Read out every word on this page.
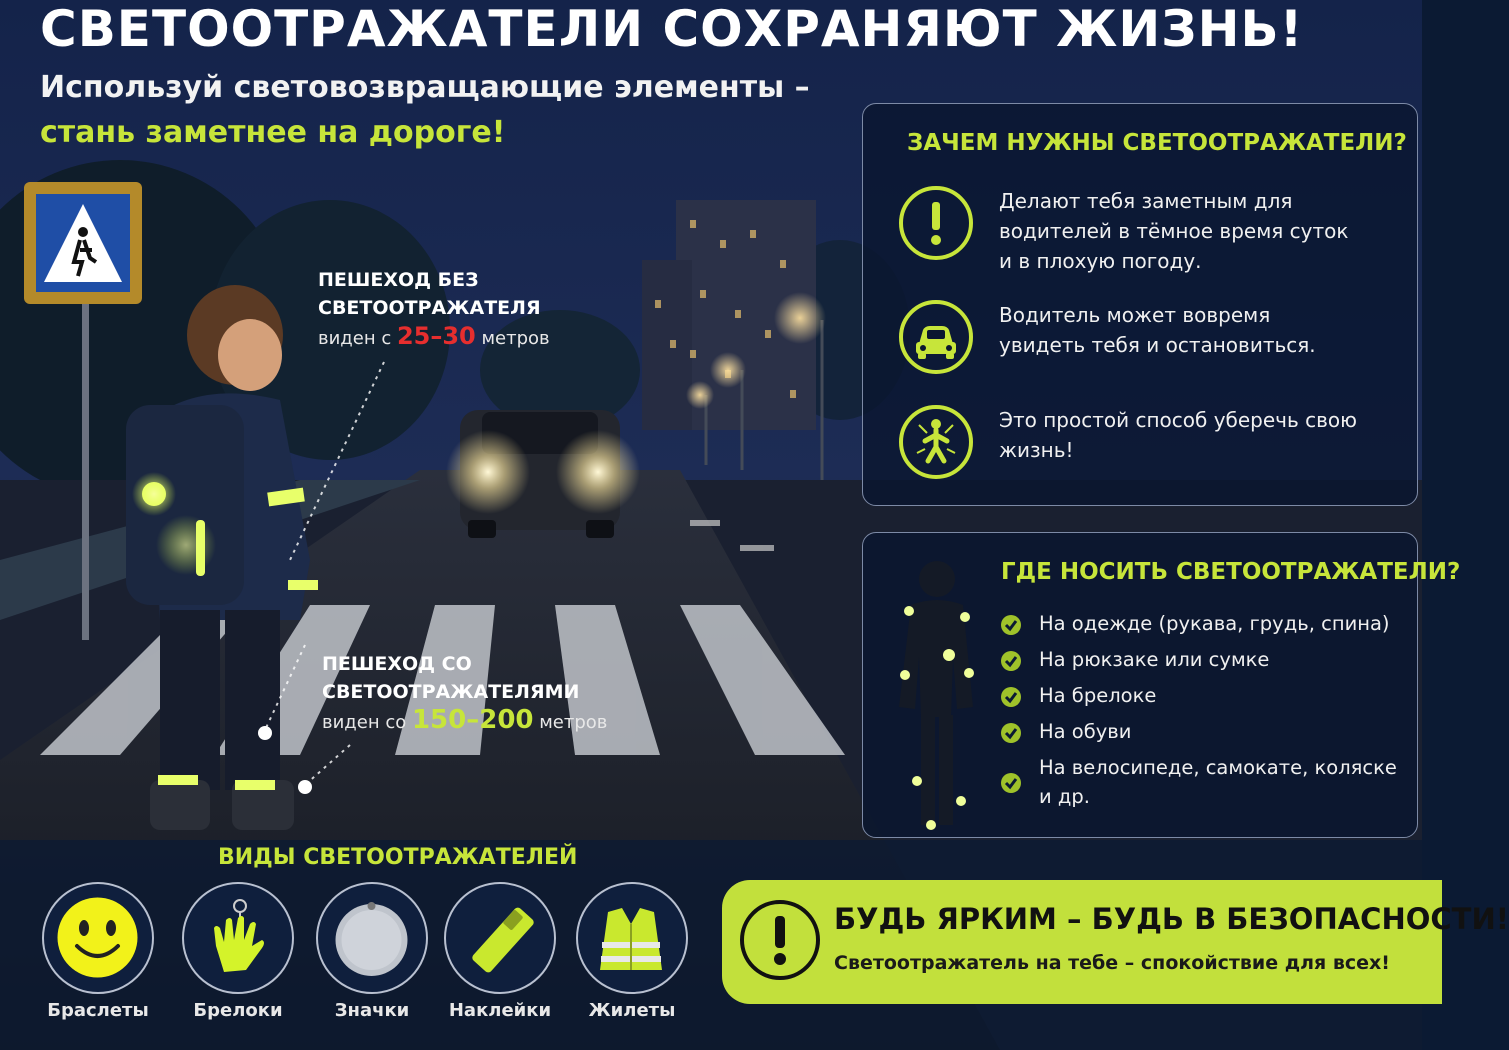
СВЕТООТРАЖАТЕЛИ СОХРАНЯЮТ ЖИЗНЬ!
Используй световозвращающие элементы –
стань заметнее на дороге!
ПЕШЕХОД БЕЗ
СВЕТООТРАЖАТЕЛЯ
виден с 25–30 метров
ПЕШЕХОД СО
СВЕТООТРАЖАТЕЛЯМИ
виден со 150–200 метров
ЗАЧЕМ НУЖНЫ СВЕТООТРАЖАТЕЛИ?
Делают тебя заметным для водителей в тёмное время суток и в плохую погоду.
Водитель может вовремя увидеть тебя и остановиться.
Это простой способ уберечь свою жизнь!
ГДЕ НОСИТЬ СВЕТООТРАЖАТЕЛИ?
На одежде (рукава, грудь, спина)
На рюкзаке или сумке
На брелоке
На обуви
На велосипеде, самокате, коляске и др.
ВИДЫ СВЕТООТРАЖАТЕЛЕЙ
Браслеты	Брелоки	Значки	Наклейки	Жилеты
БУДЬ ЯРКИМ – БУДЬ В БЕЗОПАСНОСТИ!
Светоотражатель на тебе – спокойствие для всех!
